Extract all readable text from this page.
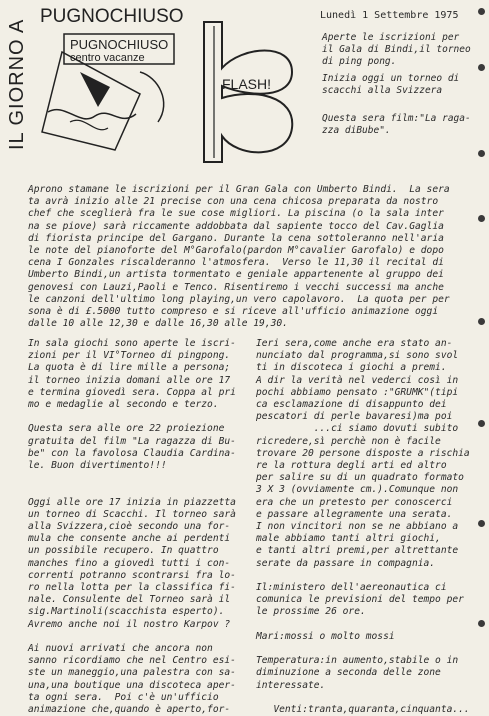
IL GIORNO A
PUGNOCHIUSO
PUGNOCHIUSO
centro vacanze
FLASH!
Lunedì 1 Settembre 1975
Aperte le iscrizioni per
il Gala di Bindi,il torneo
di ping pong.
Inizia oggi un torneo di
scacchi alla Svizzera
Questa sera film:"La raga-
zza diBube".
Aprono stamane le iscrizioni per il Gran Gala con Umberto Bindi.  La sera
ta avrà inizio alle 21 precise con una cena chicosa preparata da nostro
chef che sceglierà fra le sue cose migliori. La piscina (o la sala inter
na se piove) sarà riccamente addobbata dal sapiente tocco del Cav.Gaglia
di fiorista principe del Gargano. Durante la cena sottoleranno nell'aria
le note del pianoforte del M°Garofalo(pardon M°cavalier Garofalo) e dopo
cena I Gonzales riscalderanno l'atmosfera.  Verso le 11,30 il recital di
Umberto Bindi,un artista tormentato e geniale appartenente al gruppo dei
genovesi con Lauzi,Paoli e Tenco. Risentiremo i vecchi successi ma anche
le canzoni dell'ultimo long playing,un vero capolavoro.  La quota per per
sona è di £.5000 tutto compreso e si riceve all'ufficio animazione oggi
dalle 10 alle 12,30 e dalle 16,30 alle 19,30.
In sala giochi sono aperte le iscri-
zioni per il VI°Torneo di pingpong.
La quota è di lire mille a persona;
il torneo inizia domani alle ore 17
e termina giovedì sera. Coppa al pri
mo e medaglie al secondo e terzo.

Questa sera alle ore 22 proiezione
gratuita del film "La ragazza di Bu-
be" con la favolosa Claudia Cardina-
le. Buon divertimento!!!

Oggi alle ore 17 inizia in piazzetta
un torneo di Scacchi. Il torneo sarà
alla Svizzera,cioè secondo una for-
mula che consente anche ai perdenti
un possibile recupero. In quattro
manches fino a giovedì tutti i con-
correnti potranno scontrarsi fra lo-
ro nella lotta per la classifica fi-
nale. Consulente del Torneo sarà il
sig.Martinoli(scacchista esperto).
Avremo anche noi il nostro Karpov ?

Ai nuovi arrivati che ancora non
sanno ricordiamo che nel Centro esi-
ste un maneggio,una palestra con sa-
una,una boutique una discoteca aper-
ta ogni sera.  Poi c'è un'ufficio
animazione che,quando è aperto,for-
Ieri sera,come anche era stato an-
nunciato dal programma,si sono svol
ti in discoteca i giochi a premi.
A dir la verità nel vederci così in
pochi abbiamo pensato :"GRUMK"(tipi
ca esclamazione di disappunto dei
pescatori di perle bavaresi)ma poi
...ci siamo dovuti subito
ricredere,sì perchè non è facile
trovare 20 persone disposte a rischia
re la rottura degli arti ed altro
per salire su di un quadrato formato
3 X 3 (ovviamente cm.).Comunque non
era che un pretesto per conoscerci
e passare allegramente una serata.
I non vincitori non se ne abbiano a
male abbiamo tanti altri giochi,
e tanti altri premi,per altrettante
serate da passare in compagnia.

Il:ministero dell'aereonautica ci
comunica le previsioni del tempo per
le prossime 26 ore.

Mari:mossi o molto mossi

Temperatura:in aumento,stabile o in
diminuzione a seconda delle zone
interessate.

Venti:tranta,quaranta,cinquanta...
